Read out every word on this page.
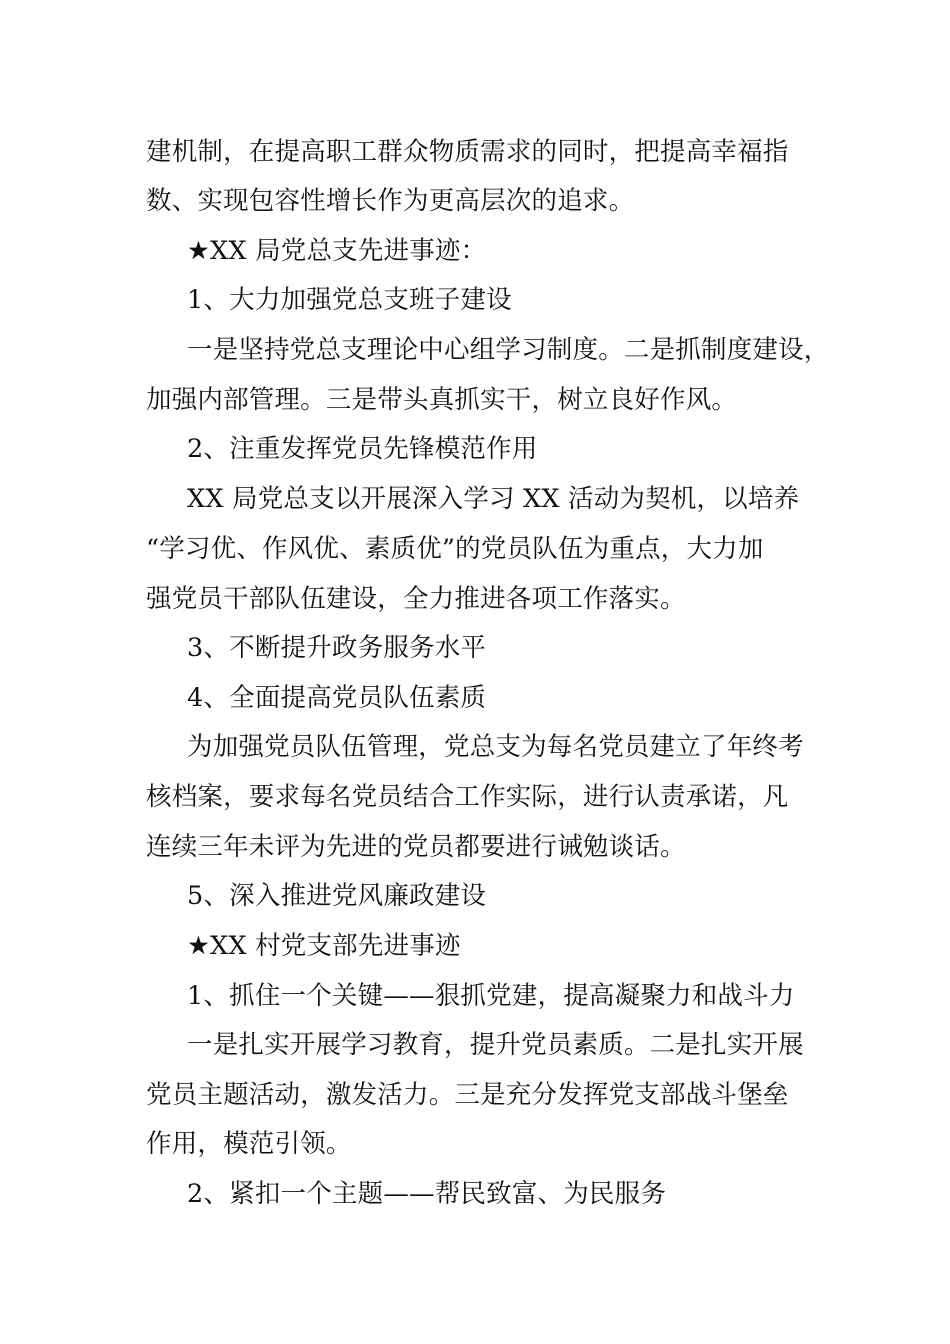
建机制，在提高职工群众物质需求的同时，把提高幸福指
数、实现包容性增长作为更高层次的追求。
★XX 局党总支先进事迹：
1、大力加强党总支班子建设
一是坚持党总支理论中心组学习制度。二是抓制度建设，
加强内部管理。三是带头真抓实干，树立良好作风。
2、注重发挥党员先锋模范作用
XX 局党总支以开展深入学习 XX 活动为契机，以培养
“学习优、作风优、素质优”的党员队伍为重点，大力加
强党员干部队伍建设，全力推进各项工作落实。
3、不断提升政务服务水平
4、全面提高党员队伍素质
为加强党员队伍管理，党总支为每名党员建立了年终考
核档案，要求每名党员结合工作实际，进行认责承诺，凡
连续三年未评为先进的党员都要进行诫勉谈话。
5、深入推进党风廉政建设
★XX 村党支部先进事迹
1、抓住一个关键——狠抓党建，提高凝聚力和战斗力
一是扎实开展学习教育，提升党员素质。二是扎实开展
党员主题活动，激发活力。三是充分发挥党支部战斗堡垒
作用，模范引领。
2、紧扣一个主题——帮民致富、为民服务
